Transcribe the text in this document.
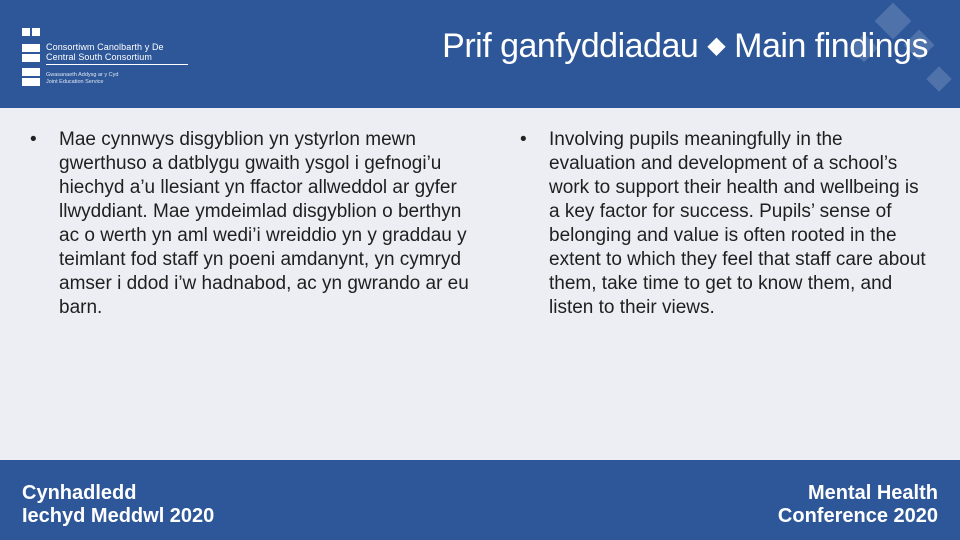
Consortiwm Canolbarth y De
Central South Consortium
Gwasanaeth Addysg ar y Cyd
Joint Education Service
Prif ganfyddiadau ◆ Main findings
•	Mae cynnwys disgyblion yn ystyrlon mewn gwerthuso a datblygu gwaith ysgol i gefnogi’u hiechyd a’u llesiant yn ffactor allweddol ar gyfer llwyddiant. Mae ymdeimlad disgyblion o berthyn ac o werth yn aml wedi’i wreiddio yn y graddau y teimlant fod staff yn poeni amdanynt, yn cymryd amser i ddod i’w hadnabod, ac yn gwrando ar eu barn.

•	Involving pupils meaningfully in the evaluation and development of a school’s work to support their health and wellbeing is a key factor for success. Pupils’ sense of belonging and value is often rooted in the extent to which they feel that staff care about them, take time to get to know them, and listen to their views.

Cynhadledd
Iechyd Meddwl 2020
Mental Health
Conference 2020
